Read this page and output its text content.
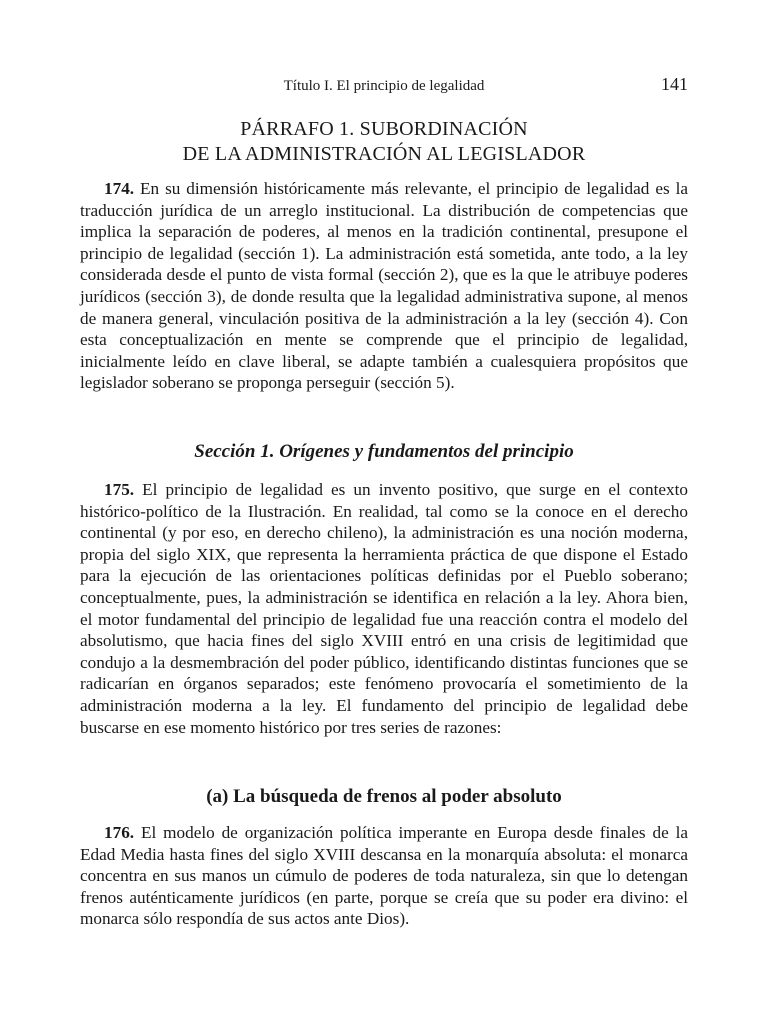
Título I. El principio de legalidad	141
PÁRRAFO 1. SUBORDINACIÓN
DE LA ADMINISTRACIÓN AL LEGISLADOR
174. En su dimensión históricamente más relevante, el principio de legalidad es la traducción jurídica de un arreglo institucional. La distribución de competencias que implica la separación de poderes, al menos en la tradición continental, presupone el principio de legalidad (sección 1). La administración está sometida, ante todo, a la ley considerada desde el punto de vista formal (sección 2), que es la que le atribuye poderes jurídicos (sección 3), de donde resulta que la legalidad administrativa supone, al menos de manera general, vinculación positiva de la administración a la ley (sección 4). Con esta conceptualización en mente se comprende que el principio de legalidad, inicialmente leído en clave liberal, se adapte también a cualesquiera propósitos que legislador soberano se proponga perseguir (sección 5).
Sección 1. Orígenes y fundamentos del principio
175. El principio de legalidad es un invento positivo, que surge en el contexto histórico-político de la Ilustración. En realidad, tal como se la conoce en el derecho continental (y por eso, en derecho chileno), la administración es una noción moderna, propia del siglo XIX, que representa la herramienta práctica de que dispone el Estado para la ejecución de las orientaciones políticas definidas por el Pueblo soberano; conceptualmente, pues, la administración se identifica en relación a la ley. Ahora bien, el motor fundamental del principio de legalidad fue una reacción contra el modelo del absolutismo, que hacia fines del siglo XVIII entró en una crisis de legitimidad que condujo a la desmembración del poder público, identificando distintas funciones que se radicarían en órganos separados; este fenómeno provocaría el sometimiento de la administración moderna a la ley. El fundamento del principio de legalidad debe buscarse en ese momento histórico por tres series de razones:
(a) La búsqueda de frenos al poder absoluto
176. El modelo de organización política imperante en Europa desde finales de la Edad Media hasta fines del siglo XVIII descansa en la monarquía absoluta: el monarca concentra en sus manos un cúmulo de poderes de toda naturaleza, sin que lo detengan frenos auténticamente jurídicos (en parte, porque se creía que su poder era divino: el monarca sólo respondía de sus actos ante Dios).
